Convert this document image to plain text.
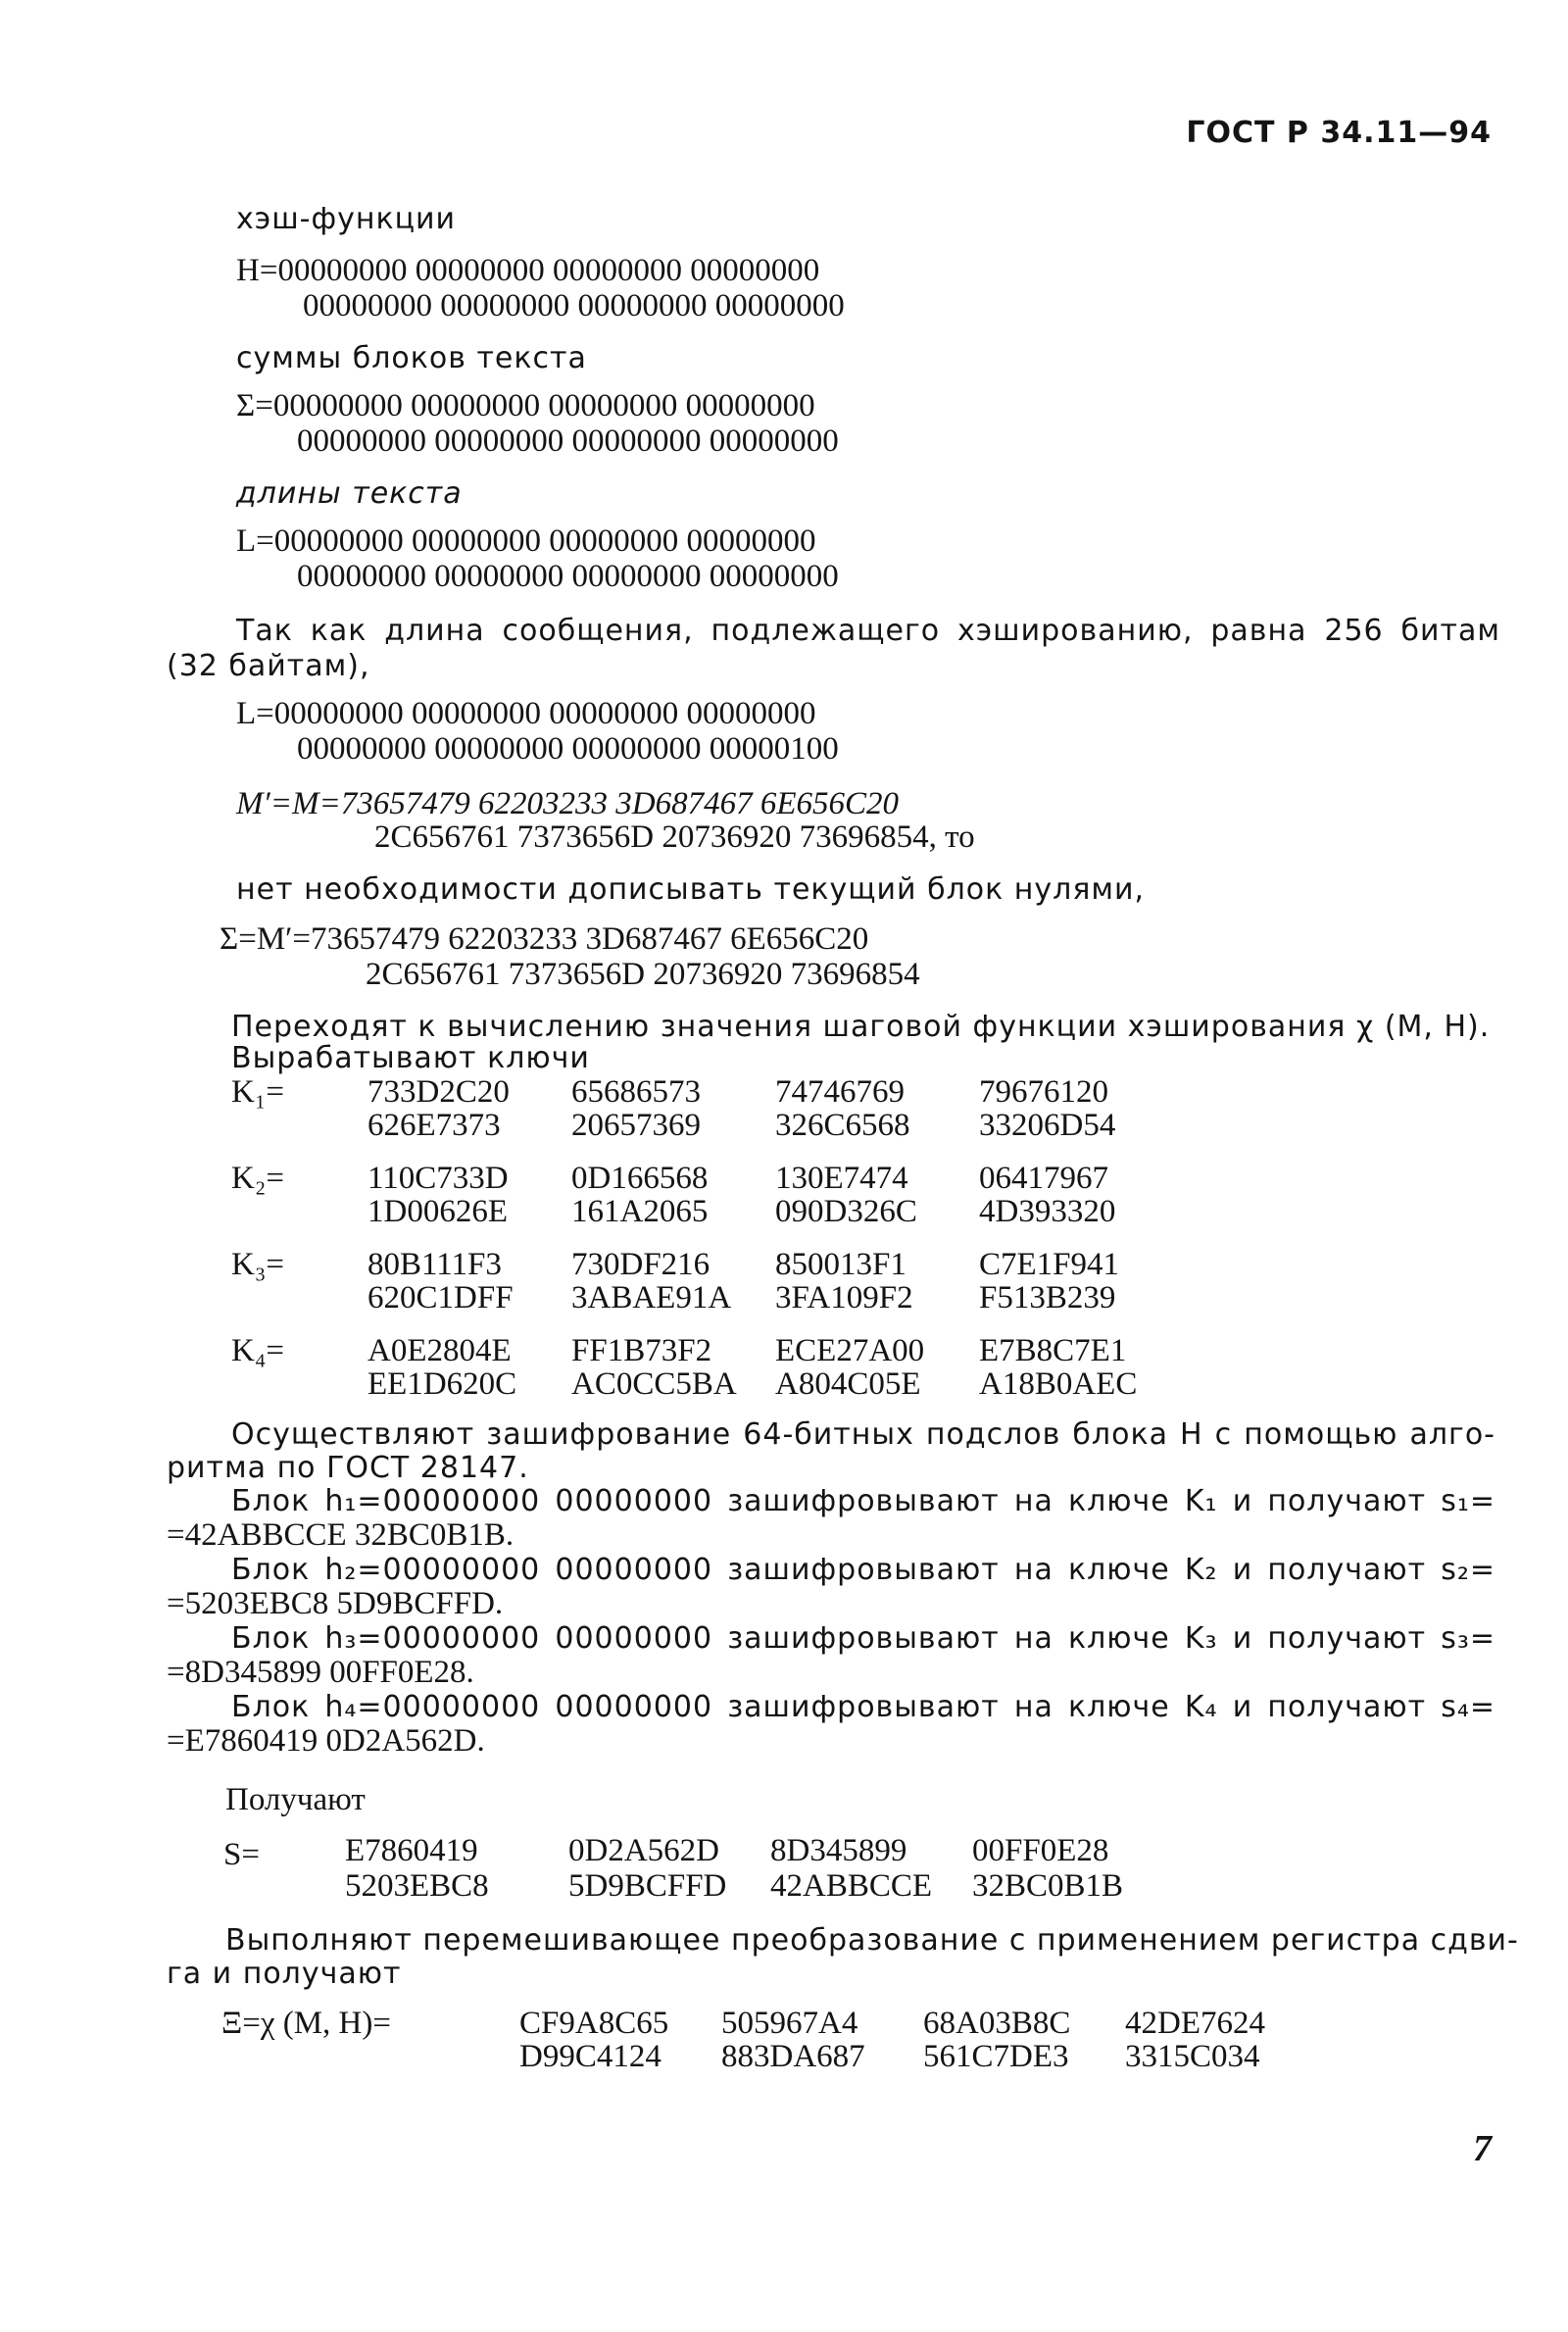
ГОСТ Р 34.11—94
хэш-функции
H=00000000 00000000 00000000 00000000
00000000 00000000 00000000 00000000
суммы блоков текста
Σ=00000000 00000000 00000000 00000000
00000000 00000000 00000000 00000000
длины текста
L=00000000 00000000 00000000 00000000
00000000 00000000 00000000 00000000
Так как длина сообщения, подлежащего хэшированию, равна 256 битам
(32 байтам),
L=00000000 00000000 00000000 00000000
00000000 00000000 00000000 00000100
M′=M=73657479 62203233 3D687467 6E656C20
2C656761 7373656D 20736920 73696854, то
нет необходимости дописывать текущий блок нулями,
Σ=M′=73657479 62203233 3D687467 6E656C20
2C656761 7373656D 20736920 73696854
Переходят к вычислению значения шаговой функции хэширования χ (M, H).
Вырабатывают ключи
K₁=	733D2C20 65686573 74746769 79676120
626E7373 20657369 326C6568 33206D54
K₂=	110C733D 0D166568 130E7474 06417967
1D00626E 161A2065 090D326C 4D393320
K₃=	80B111F3 730DF216 850013F1 C7E1F941
620C1DFF 3ABAE91A 3FA109F2 F513B239
K₄=	A0E2804E FF1B73F2 ECE27A00 E7B8C7E1
EE1D620C AC0CC5BA A804C05E A18B0AEC
Осуществляют зашифрование 64-битных подслов блока H с помощью алго-
ритма по ГОСТ 28147.
Блок h₁=00000000 00000000 зашифровывают на ключе K₁ и получают s₁=
=42ABBCCE 32BC0B1B.
Блок h₂=00000000 00000000 зашифровывают на ключе K₂ и получают s₂=
=5203EBC8 5D9BCFFD.
Блок h₃=00000000 00000000 зашифровывают на ключе K₃ и получают s₃=
=8D345899 00FF0E28.
Блок h₄=00000000 00000000 зашифровывают на ключе K₄ и получают s₄=
=E7860419 0D2A562D.
Получают
S=	E7860419	0D2A562D 8D345899 00FF0E28
5203EBC8 5D9BCFFD 42ABBCCE 32BC0B1B
Выполняют перемешивающее преобразование с применением регистра сдви-
га и получают
Ξ=χ (M, H)=	CF9A8C65 505967A4 68A03B8C 42DE7624
D99C4124 883DA687 561C7DE3 3315C034
7
